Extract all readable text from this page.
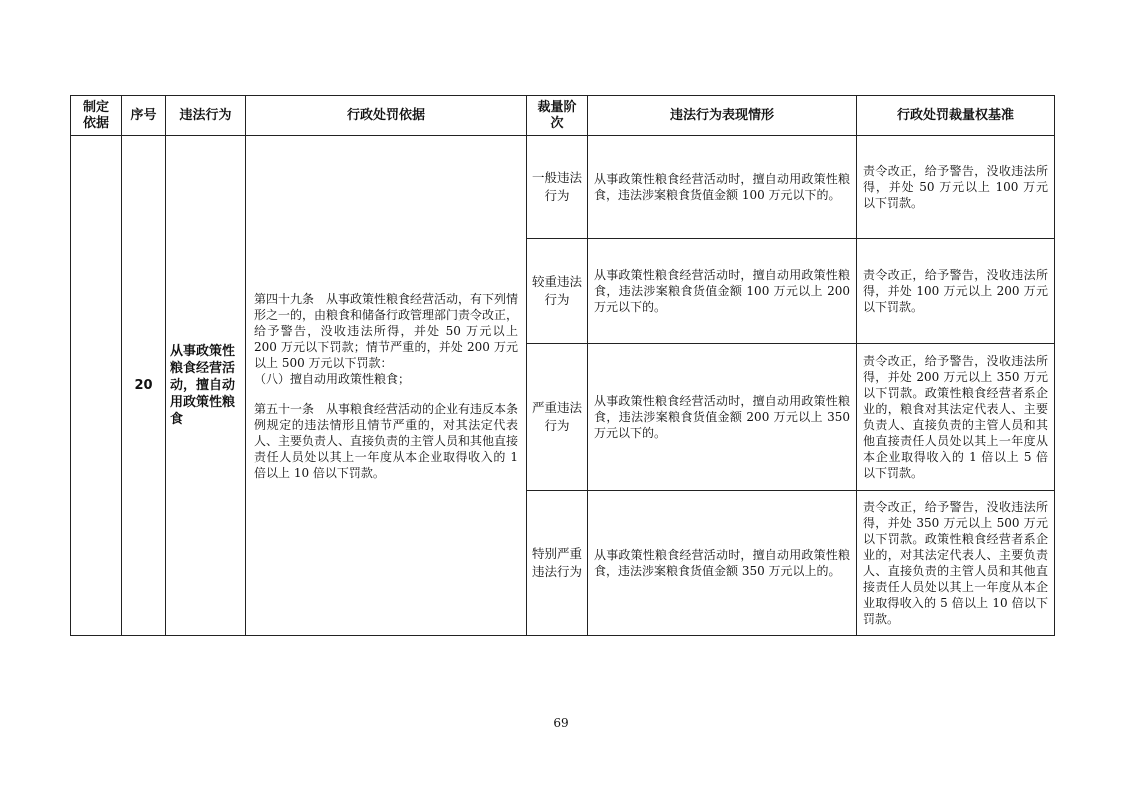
制定依据	序号	违法行为	行政处罚依据	裁量阶次	违法行为表现情形	行政处罚裁量权基准
	20	从事政策性粮食经营活动，擅自动用政策性粮食	第四十九条　从事政策性粮食经营活动，有下列情形之一的，由粮食和储备行政管理部门责令改正，给予警告，没收违法所得，并处 50 万元以上 200 万元以下罚款；情节严重的，并处 200 万元以上 500 万元以下罚款：

（八）擅自动用政策性粮食；

第五十一条　从事粮食经营活动的企业有违反本条例规定的违法情形且情节严重的，对其法定代表人、主要负责人、直接负责的主管人员和其他直接责任人员处以其上一年度从本企业取得收入的 1 倍以上 10 倍以下罚款。	一般违法行为	从事政策性粮食经营活动时，擅自动用政策性粮食，违法涉案粮食货值金额 100 万元以下的。	责令改正，给予警告，没收违法所得，并处 50 万元以上 100 万元以下罚款。
				较重违法行为	从事政策性粮食经营活动时，擅自动用政策性粮食，违法涉案粮食货值金额 100 万元以上 200 万元以下的。	责令改正，给予警告，没收违法所得，并处 100 万元以上 200 万元以下罚款。
				严重违法行为	从事政策性粮食经营活动时，擅自动用政策性粮食，违法涉案粮食货值金额 200 万元以上 350 万元以下的。	责令改正，给予警告，没收违法所得，并处 200 万元以上 350 万元以下罚款。政策性粮食经营者系企业的，粮食对其法定代表人、主要负责人、直接负责的主管人员和其他直接责任人员处以其上一年度从本企业取得收入的 1 倍以上 5 倍以下罚款。
				特别严重违法行为	从事政策性粮食经营活动时，擅自动用政策性粮食，违法涉案粮食货值金额 350 万元以上的。	责令改正，给予警告，没收违法所得，并处 350 万元以上 500 万元以下罚款。政策性粮食经营者系企业的，对其法定代表人、主要负责人、直接负责的主管人员和其他直接责任人员处以其上一年度从本企业取得收入的 5 倍以上 10 倍以下罚款。
69
